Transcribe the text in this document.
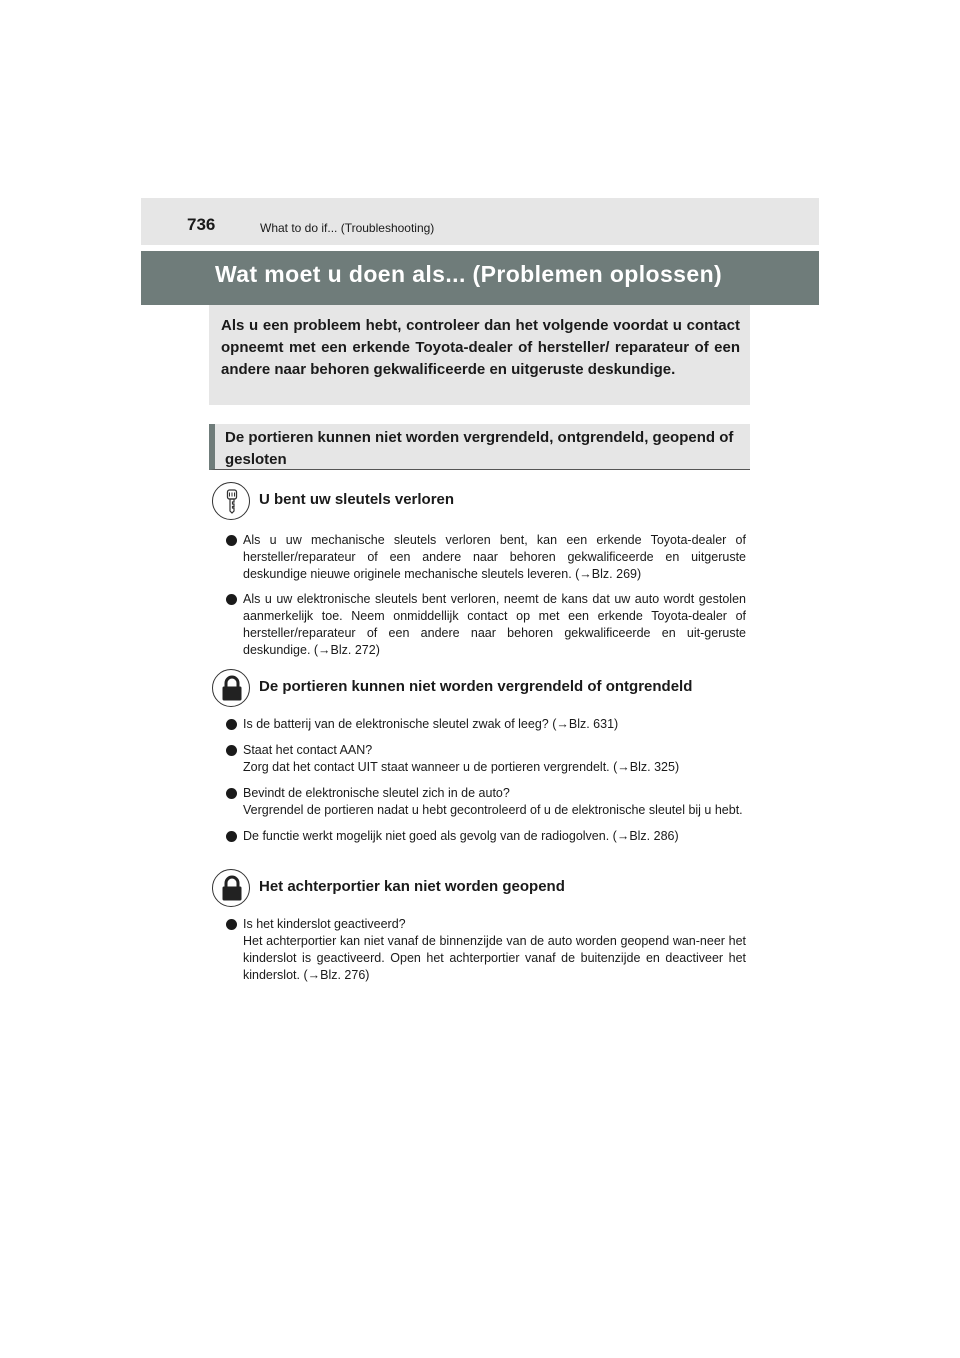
736	What to do if... (Troubleshooting)
Wat moet u doen als... (Problemen oplossen)

Als u een probleem hebt, controleer dan het volgende voordat u contact opneemt met een erkende Toyota-dealer of hersteller/ reparateur of een andere naar behoren gekwalificeerde en uitgeruste deskundige.

De portieren kunnen niet worden vergrendeld, ontgrendeld, geopend of gesloten

U bent uw sleutels verloren
Als u uw mechanische sleutels verloren bent, kan een erkende Toyota-dealer of hersteller/reparateur of een andere naar behoren gekwalificeerde en uitgeruste deskundige nieuwe originele mechanische sleutels leveren. (→Blz. 269)
Als u uw elektronische sleutels bent verloren, neemt de kans dat uw auto wordt gestolen aanmerkelijk toe. Neem onmiddellijk contact op met een erkende Toyota-dealer of hersteller/reparateur of een andere naar behoren gekwalificeerde en uit-geruste deskundige. (→Blz. 272)
De portieren kunnen niet worden vergrendeld of ontgrendeld
Is de batterij van de elektronische sleutel zwak of leeg? (→Blz. 631)
Staat het contact AAN?
Zorg dat het contact UIT staat wanneer u de portieren vergrendelt. (→Blz. 325)
Bevindt de elektronische sleutel zich in de auto?
Vergrendel de portieren nadat u hebt gecontroleerd of u de elektronische sleutel bij u hebt.
De functie werkt mogelijk niet goed als gevolg van de radiogolven. (→Blz. 286)
Het achterportier kan niet worden geopend
Is het kinderslot geactiveerd?
Het achterportier kan niet vanaf de binnenzijde van de auto worden geopend wan-neer het kinderslot is geactiveerd. Open het achterportier vanaf de buitenzijde en deactiveer het kinderslot. (→Blz. 276)
